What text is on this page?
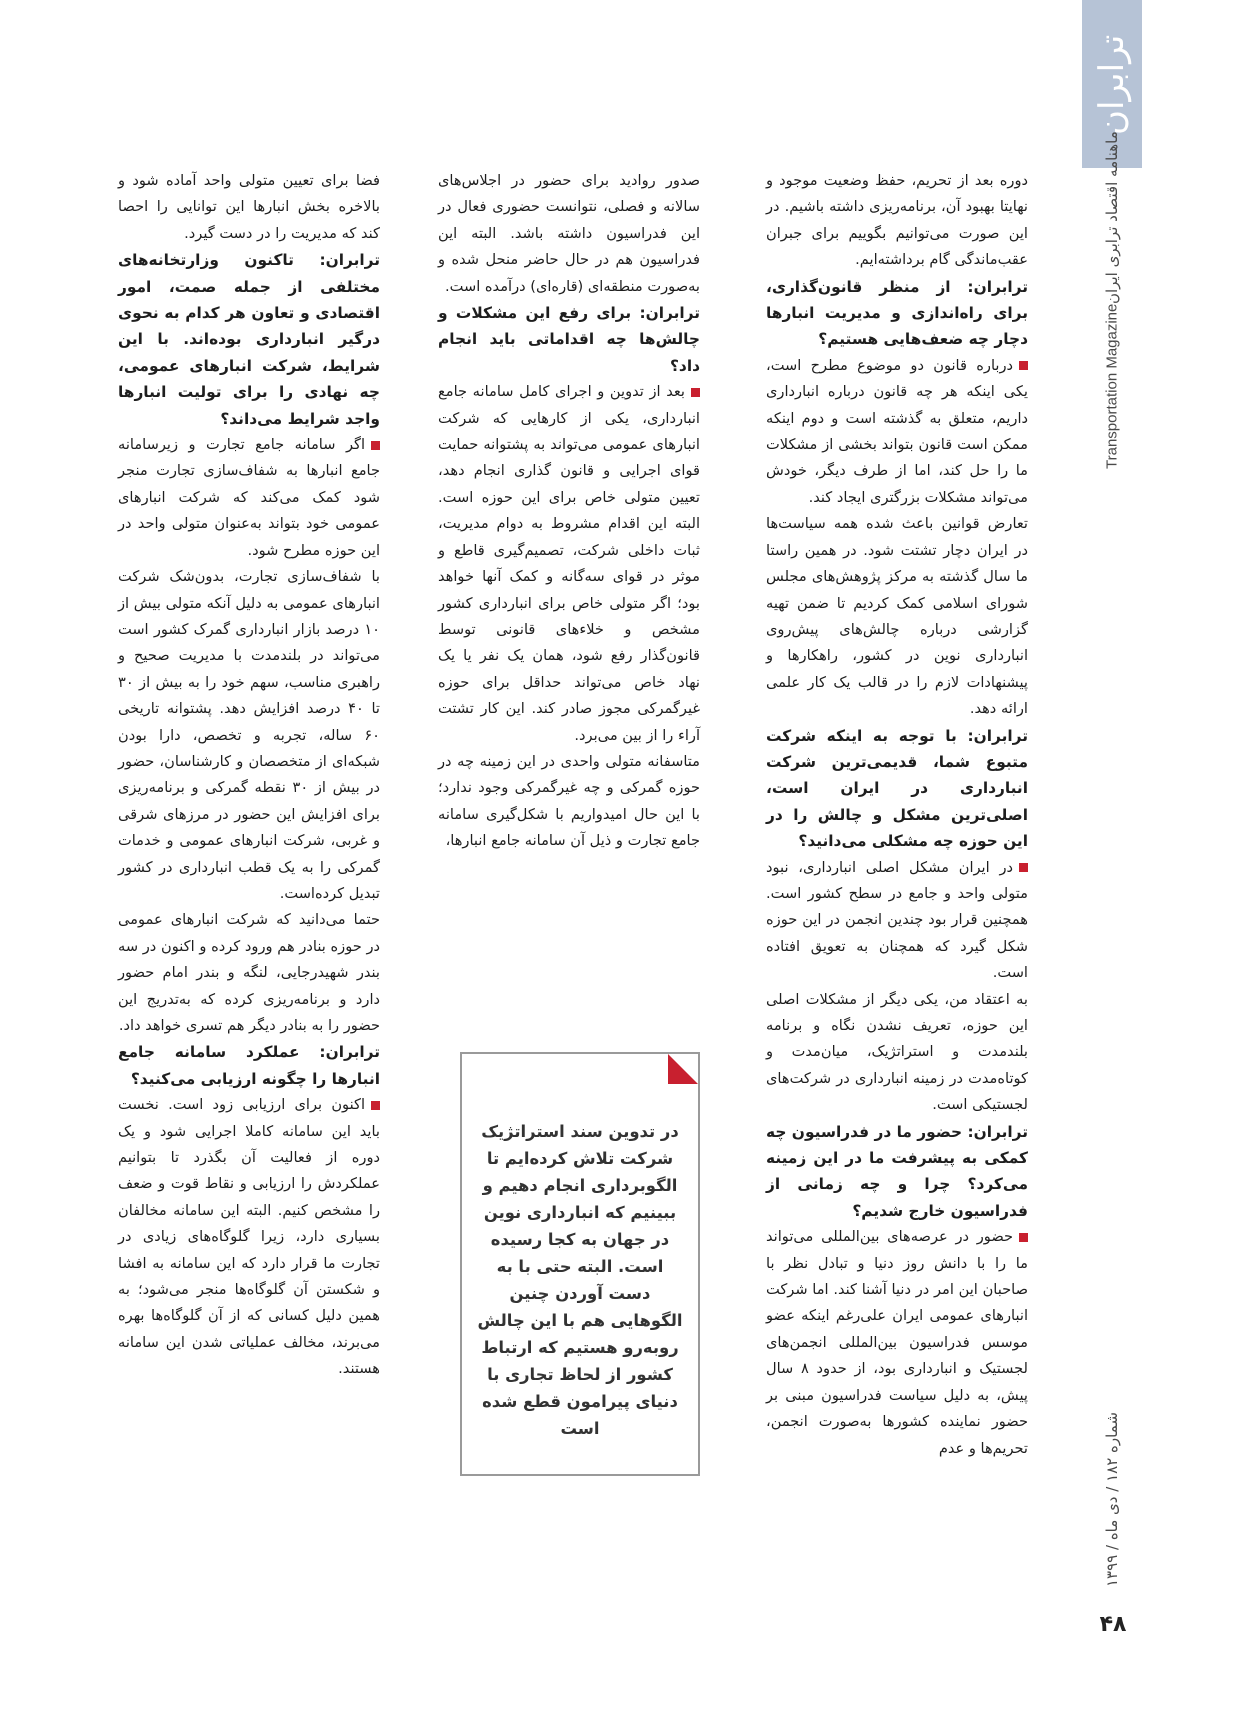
ترابران
Transportation Magazine
ماهنامه اقتصاد ترابری ایران
شماره ۱۸۲ / دی ماه / ۱۳۹۹
۴۸

دوره بعد از تحریم، حفظ وضعیت موجود و نهایتا بهبود آن، برنامه‌ریزی داشته باشیم. در این صورت می‌توانیم بگوییم برای جبران عقب‌ماندگی گام برداشته‌ایم.

ترابران: از منظر قانون‌گذاری، برای راه‌اندازی و مدیریت انبارها دچار چه ضعف‌هایی هستیم؟

درباره قانون دو موضوع مطرح است، یکی اینکه هر چه قانون درباره انبارداری داریم، متعلق به گذشته است و دوم اینکه ممکن است قانون بتواند بخشی از مشکلات ما را حل کند، اما از طرف دیگر، خودش می‌تواند مشکلات بزرگتری ایجاد کند.

تعارض قوانین باعث شده همه سیاست‌ها در ایران دچار تشتت شود. در همین راستا ما سال گذشته به مرکز پژوهش‌های مجلس شورای اسلامی کمک کردیم تا ضمن تهیه گزارشی درباره چالش‌های پیش‌روی انبارداری نوین در کشور، راهکارها و پیشنهادات لازم را در قالب یک کار علمی ارائه دهد.

ترابران: با توجه به اینکه شرکت متبوع شما، قدیمی‌ترین شرکت انبارداری در ایران است، اصلی‌ترین مشکل و چالش را در این حوزه چه مشکلی می‌دانید؟

در ایران مشکل اصلی انبارداری، نبود متولی واحد و جامع در سطح کشور است. همچنین قرار بود چندین انجمن در این حوزه شکل گیرد که همچنان به تعویق افتاده است.

به اعتقاد من، یکی دیگر از مشکلات اصلی این حوزه، تعریف نشدن نگاه و برنامه بلندمدت و استراتژیک، میان‌مدت و کوتاه‌مدت در زمینه انبارداری در شرکت‌های لجستیکی است.

ترابران: حضور ما در فدراسیون چه کمکی به پیشرفت ما در این زمینه می‌کرد؟ چرا و چه زمانی از فدراسیون خارج شدیم؟

حضور در عرصه‌های بین‌المللی می‌تواند ما را با دانش روز دنیا و تبادل نظر با صاحبان این امر در دنیا آشنا کند. اما شرکت انبارهای عمومی ایران علی‌رغم اینکه عضو موسس فدراسیون بین‌المللی انجمن‌های لجستیک و انبارداری بود، از حدود ۸ سال پیش، به دلیل سیاست فدراسیون مبنی بر حضور نماینده کشورها به‌صورت انجمن، تحریم‌ها و عدم

صدور روادید برای حضور در اجلاس‌های سالانه و فصلی، نتوانست حضوری فعال در این فدراسیون داشته باشد. البته این فدراسیون هم در حال حاضر منحل شده و به‌صورت منطقه‌ای (قاره‌ای) درآمده است.

ترابران: برای رفع این مشکلات و چالش‌ها چه اقداماتی باید انجام داد؟

بعد از تدوین و اجرای کامل سامانه جامع انبارداری، یکی از کارهایی که شرکت انبارهای عمومی می‌تواند به پشتوانه حمایت قوای اجرایی و قانون گذاری انجام دهد، تعیین متولی خاص برای این حوزه است. البته این اقدام مشروط به دوام مدیریت، ثبات داخلی شرکت، تصمیم‌گیری قاطع و موثر در قوای سه‌گانه و کمک آنها خواهد بود؛ اگر متولی خاص برای انبارداری کشور مشخص و خلاءهای قانونی توسط قانون‌گذار رفع شود، همان یک نفر یا یک نهاد خاص می‌تواند حداقل برای حوزه غیرگمرکی مجوز صادر کند. این کار تشتت آراء را از بین می‌برد.

متاسفانه متولی واحدی در این زمینه چه در حوزه گمرکی و چه غیرگمرکی وجود ندارد؛ با این حال امیدواریم با شکل‌گیری سامانه جامع تجارت و ذیل آن سامانه جامع انبارها،

فضا برای تعیین متولی واحد آماده شود و بالاخره بخش انبارها این توانایی را احصا کند که مدیریت را در دست گیرد.

ترابران: تاکنون وزارتخانه‌های مختلفی از جمله صمت، امور اقتصادی و تعاون هر کدام به نحوی درگیر انبارداری بوده‌اند. با این شرایط، شرکت انبارهای عمومی، چه نهادی را برای تولیت انبارها واجد شرایط می‌داند؟

اگر سامانه جامع تجارت و زیرسامانه جامع انبارها به شفاف‌سازی تجارت منجر شود کمک می‌کند که شرکت انبارهای عمومی خود بتواند به‌عنوان متولی واحد در این حوزه مطرح شود.

با شفاف‌سازی تجارت، بدون‌شک شرکت انبارهای عمومی به دلیل آنکه متولی بیش از ۱۰ درصد بازار انبارداری گمرک کشور است می‌تواند در بلندمدت با مدیریت صحیح و راهبری مناسب، سهم خود را به بیش از ۳۰ تا ۴۰ درصد افزایش دهد. پشتوانه تاریخی ۶۰ ساله، تجربه و تخصص، دارا بودن شبکه‌ای از متخصصان و کارشناسان، حضور در بیش از ۳۰ نقطه گمرکی و برنامه‌ریزی برای افزایش این حضور در مرزهای شرقی و غربی، شرکت انبارهای عمومی و خدمات گمرکی را به یک قطب انبارداری در کشور تبدیل کرده‌است.

حتما می‌دانید که شرکت انبارهای عمومی در حوزه بنادر هم ورود کرده و اکنون در سه بندر شهیدرجایی، لنگه و بندر امام حضور دارد و برنامه‌ریزی کرده که به‌تدریج این حضور را به بنادر دیگر هم تسری خواهد داد.

ترابران: عملکرد سامانه جامع انبارها را چگونه ارزیابی می‌کنید؟

اکنون برای ارزیابی زود است. نخست باید این سامانه کاملا اجرایی شود و یک دوره از فعالیت آن بگذرد تا بتوانیم عملکردش را ارزیابی و نقاط قوت و ضعف را مشخص کنیم. البته این سامانه مخالفان بسیاری دارد، زیرا گلوگاه‌های زیادی در تجارت ما قرار دارد که این سامانه به افشا و شکستن آن گلوگاه‌ها منجر می‌شود؛ به همین دلیل کسانی که از آن گلوگاه‌ها بهره می‌برند، مخالف عملیاتی شدن این سامانه هستند.

در تدوین سند استراتژیک شرکت تلاش کرده‌ایم تا الگوبرداری انجام دهیم و ببینیم که انبارداری نوین در جهان به کجا رسیده است. البته حتی با به دست آوردن چنین الگوهایی هم با این چالش روبه‌رو هستیم که ارتباط کشور از لحاظ تجاری با دنیای پیرامون قطع شده است
